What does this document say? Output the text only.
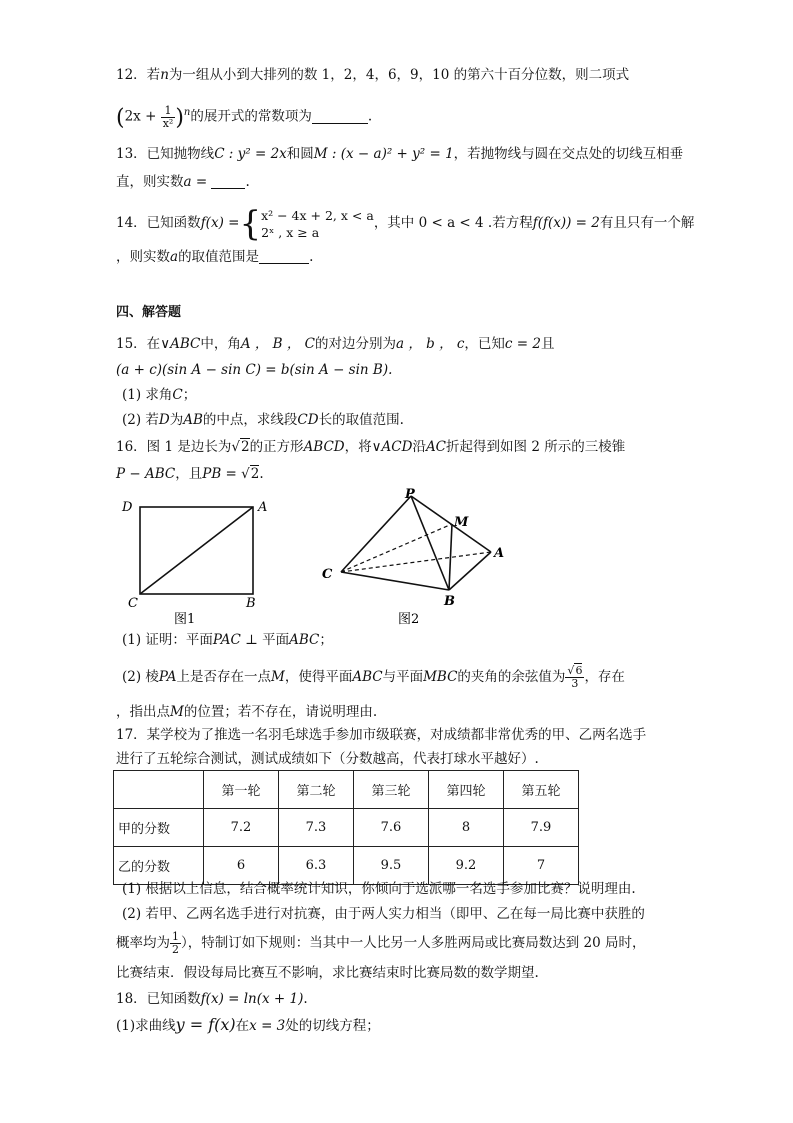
12．若n为一组从小到大排列的数 1，2，4，6，9，10 的第六十百分位数，则二项式
$(2x + \frac{1}{\text{x²}} )^n$的展开式的常数项为	.
13．已知抛物线C : y² = 2x和圆M : (x − a)² + y² = 1，若抛物线与圆在交点处的切线互相垂
直，则实数a =	.
14．已知函数f(x) ={ x² − 4x + 2, x < a
2ˣ , x ≥ a
，其中 0 < a < 4 .若方程f(f(x)) = 2有且只有一个解
，则实数a的取值范围是	.
四、解答题
15．在∨ABC中，角A ， B ， C的对边分别为a ， b ， c，已知c = 2且
(a + c)(sin A − sin C) = b(sin A − sin B).
(1) 求角C；
(2) 若D为AB的中点，求线段CD长的取值范围.
16．图 1 是边长为√2的正方形ABCD，将∨ACD沿AC折起得到如图 2 所示的三棱锥
P − ABC，且PB = √2.
D	A
C	B
图1
P
M
A
C
B
图2
(1) 证明：平面PAC ⊥ 平面ABC；
(2) 棱PA上是否存在一点M，使得平面ABC与平面MBC的夹角的余弦值为 $\frac{√6}{3}$ ，存在
，指出点M的位置；若不存在，请说明理由.
17．某学校为了推选一名羽毛球选手参加市级联赛，对成绩都非常优秀的甲、乙两名选手
进行了五轮综合测试，测试成绩如下（分数越高，代表打球水平越好）.
	第一轮	第二轮	第三轮	第四轮	第五轮
甲的分数	7.2	7.3	7.6	8	7.9
乙的分数	6	6.3	9.5	9.2	7
(1) 根据以上信息，结合概率统计知识，你倾向于选派哪一名选手参加比赛？说明理由.
(2) 若甲、乙两名选手进行对抗赛，由于两人实力相当（即甲、乙在每一局比赛中获胜的
概率均为 $\frac{1}{2}$ ），特制订如下规则：当其中一人比另一人多胜两局或比赛局数达到 20 局时，
比赛结束．假设每局比赛互不影响，求比赛结束时比赛局数的数学期望.
18．已知函数f(x) = ln(x + 1).
(1)求曲线y = f(x)在x = 3处的切线方程；
